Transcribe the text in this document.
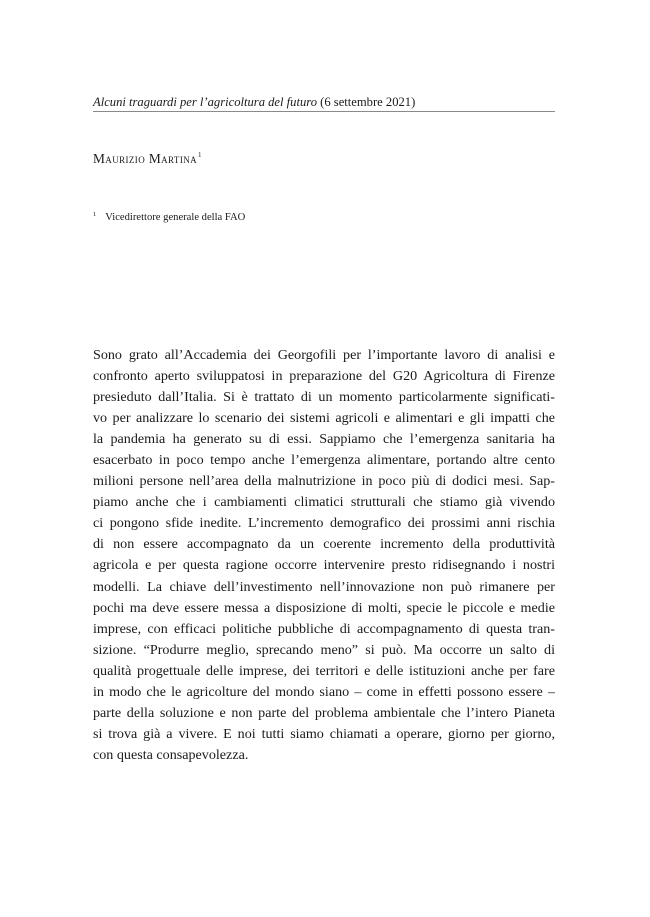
Alcuni traguardi per l’agricoltura del futuro (6 settembre 2021)
Maurizio Martina$^1$
$^1$ Vicedirettore generale della FAO
Sono grato all’Accademia dei Georgofili per l’importante lavoro di analisi e
confronto aperto sviluppatosi in preparazione del G20 Agricoltura di Firenze
presieduto dall’Italia. Si è trattato di un momento particolarmente significati-
vo per analizzare lo scenario dei sistemi agricoli e alimentari e gli impatti che
la pandemia ha generato su di essi. Sappiamo che l’emergenza sanitaria ha
esacerbato in poco tempo anche l’emergenza alimentare, portando altre cento
milioni persone nell’area della malnutrizione in poco più di dodici mesi. Sap-
piamo anche che i cambiamenti climatici strutturali che stiamo già vivendo
ci pongono sfide inedite. L’incremento demografico dei prossimi anni rischia
di non essere accompagnato da un coerente incremento della produttività
agricola e per questa ragione occorre intervenire presto ridisegnando i nostri
modelli. La chiave dell’investimento nell’innovazione non può rimanere per
pochi ma deve essere messa a disposizione di molti, specie le piccole e medie
imprese, con efficaci politiche pubbliche di accompagnamento di questa tran-
sizione. “Produrre meglio, sprecando meno” si può. Ma occorre un salto di
qualità progettuale delle imprese, dei territori e delle istituzioni anche per fare
in modo che le agricolture del mondo siano – come in effetti possono essere –
parte della soluzione e non parte del problema ambientale che l’intero Pianeta
si trova già a vivere. E noi tutti siamo chiamati a operare, giorno per giorno,
con questa consapevolezza.
